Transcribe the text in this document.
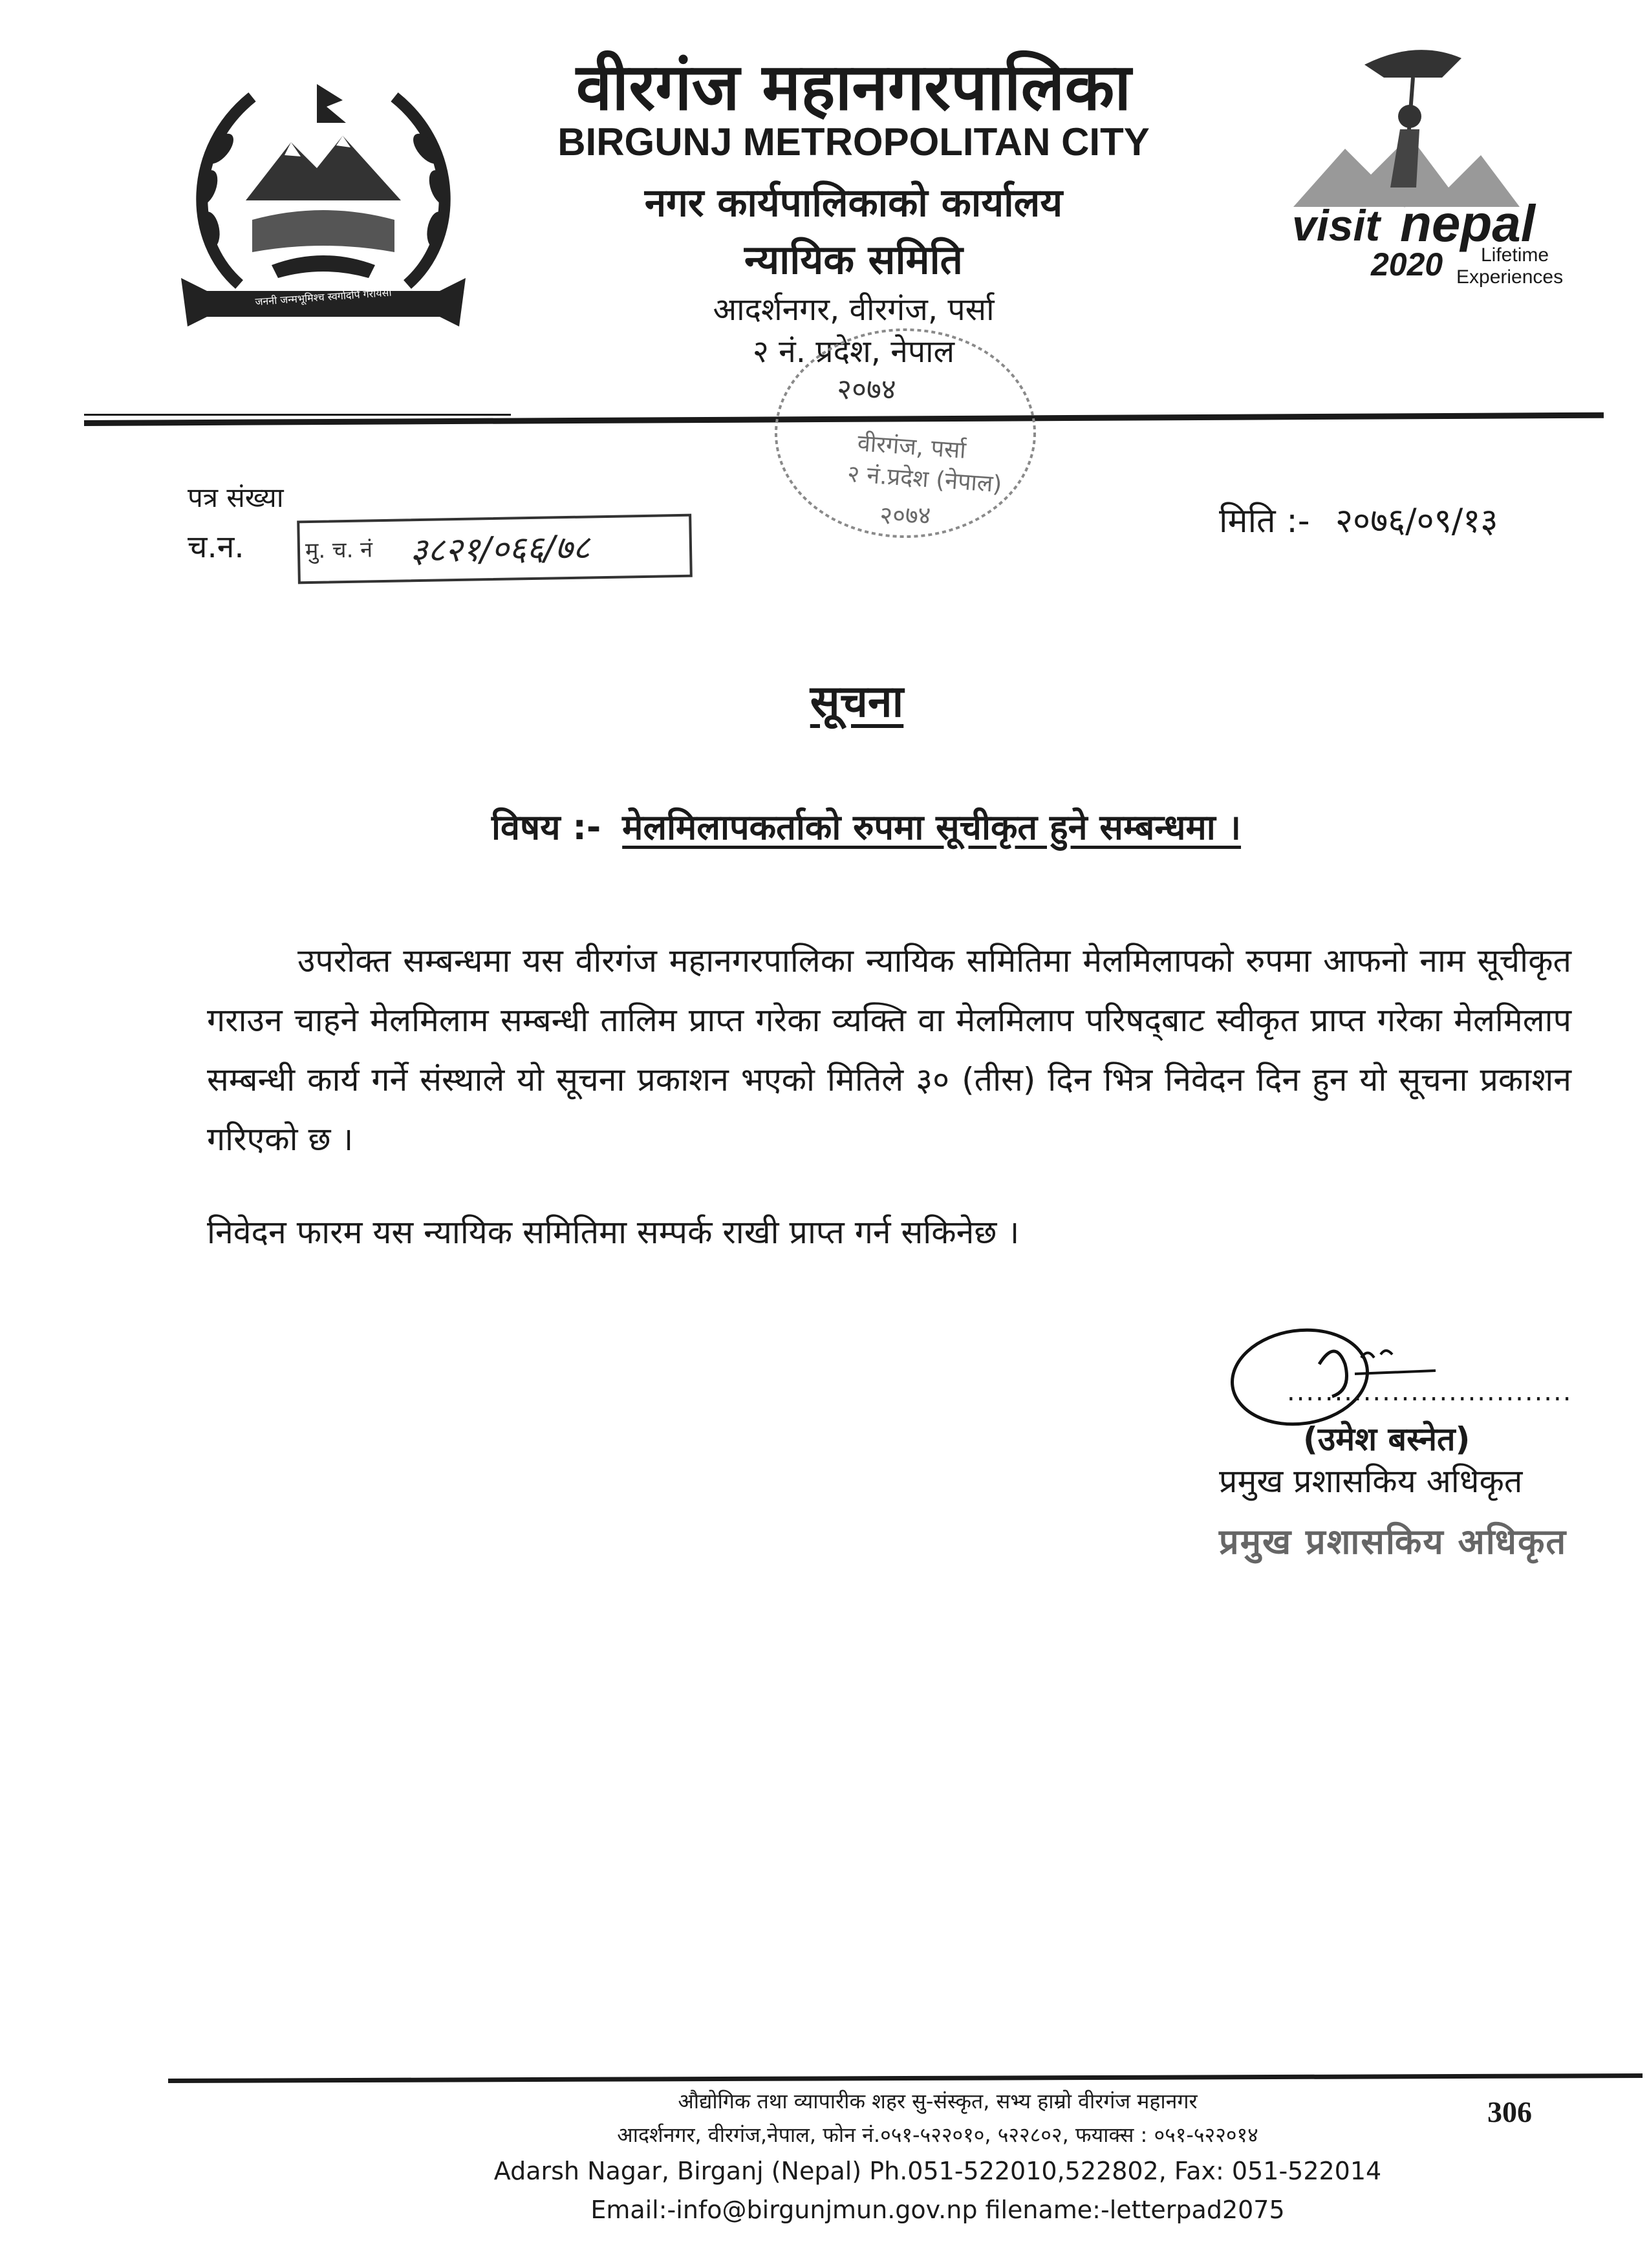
जननी जन्मभूमिश्च स्वर्गादपि गरीयसी
वीरगंज महानगरपालिका
BIRGUNJ METROPOLITAN CITY
नगर कार्यपालिकाको कार्यालय
न्यायिक समिति
आदर्शनगर, वीरगंज, पर्सा
२ नं. प्रदेश, नेपाल
visit nepal
2020 Lifetime
Experiences
२०७४
वीरगंज, पर्सा
२ नं.प्रदेश (नेपाल)
२०७४
पत्र संख्या
च.न.	मु. च. नं ३८२१/०६६/७८
मिति :- २०७६/०९/१३
सूचना
विषय :- मेलमिलापकर्ताको रुपमा सूचीकृत हुने सम्बन्धमा ।
उपरोक्त सम्बन्धमा यस वीरगंज महानगरपालिका न्यायिक समितिमा मेलमिलापको रुपमा आफनो नाम सूचीकृत गराउन चाहने मेलमिलाम सम्बन्धी तालिम प्राप्त गरेका व्यक्ति वा मेलमिलाप परिषद्‌बाट स्वीकृत प्राप्त गरेका मेलमिलाप सम्बन्धी कार्य गर्ने संस्थाले यो सूचना प्रकाशन भएको मितिले ३० (तीस) दिन भित्र निवेदन दिन हुन यो सूचना प्रकाशन गरिएको छ ।
निवेदन फारम यस न्यायिक समितिमा सम्पर्क राखी प्राप्त गर्न सकिनेछ ।
..............................
(उमेश बस्नेत)
प्रमुख प्रशासकिय अधिकृत
प्रमुख प्रशासकिय अधिकृत
औद्योगिक तथा व्यापारीक शहर सु-संस्कृत, सभ्य हाम्रो वीरगंज महानगर
आदर्शनगर, वीरगंज,नेपाल, फोन नं.०५१-५२२०१०, ५२२८०२, फयाक्स : ०५१-५२२०१४
Adarsh Nagar, Birganj (Nepal) Ph.051-522010,522802, Fax: 051-522014
Email:-info@birgunjmun.gov.np filename:-letterpad2075
306
